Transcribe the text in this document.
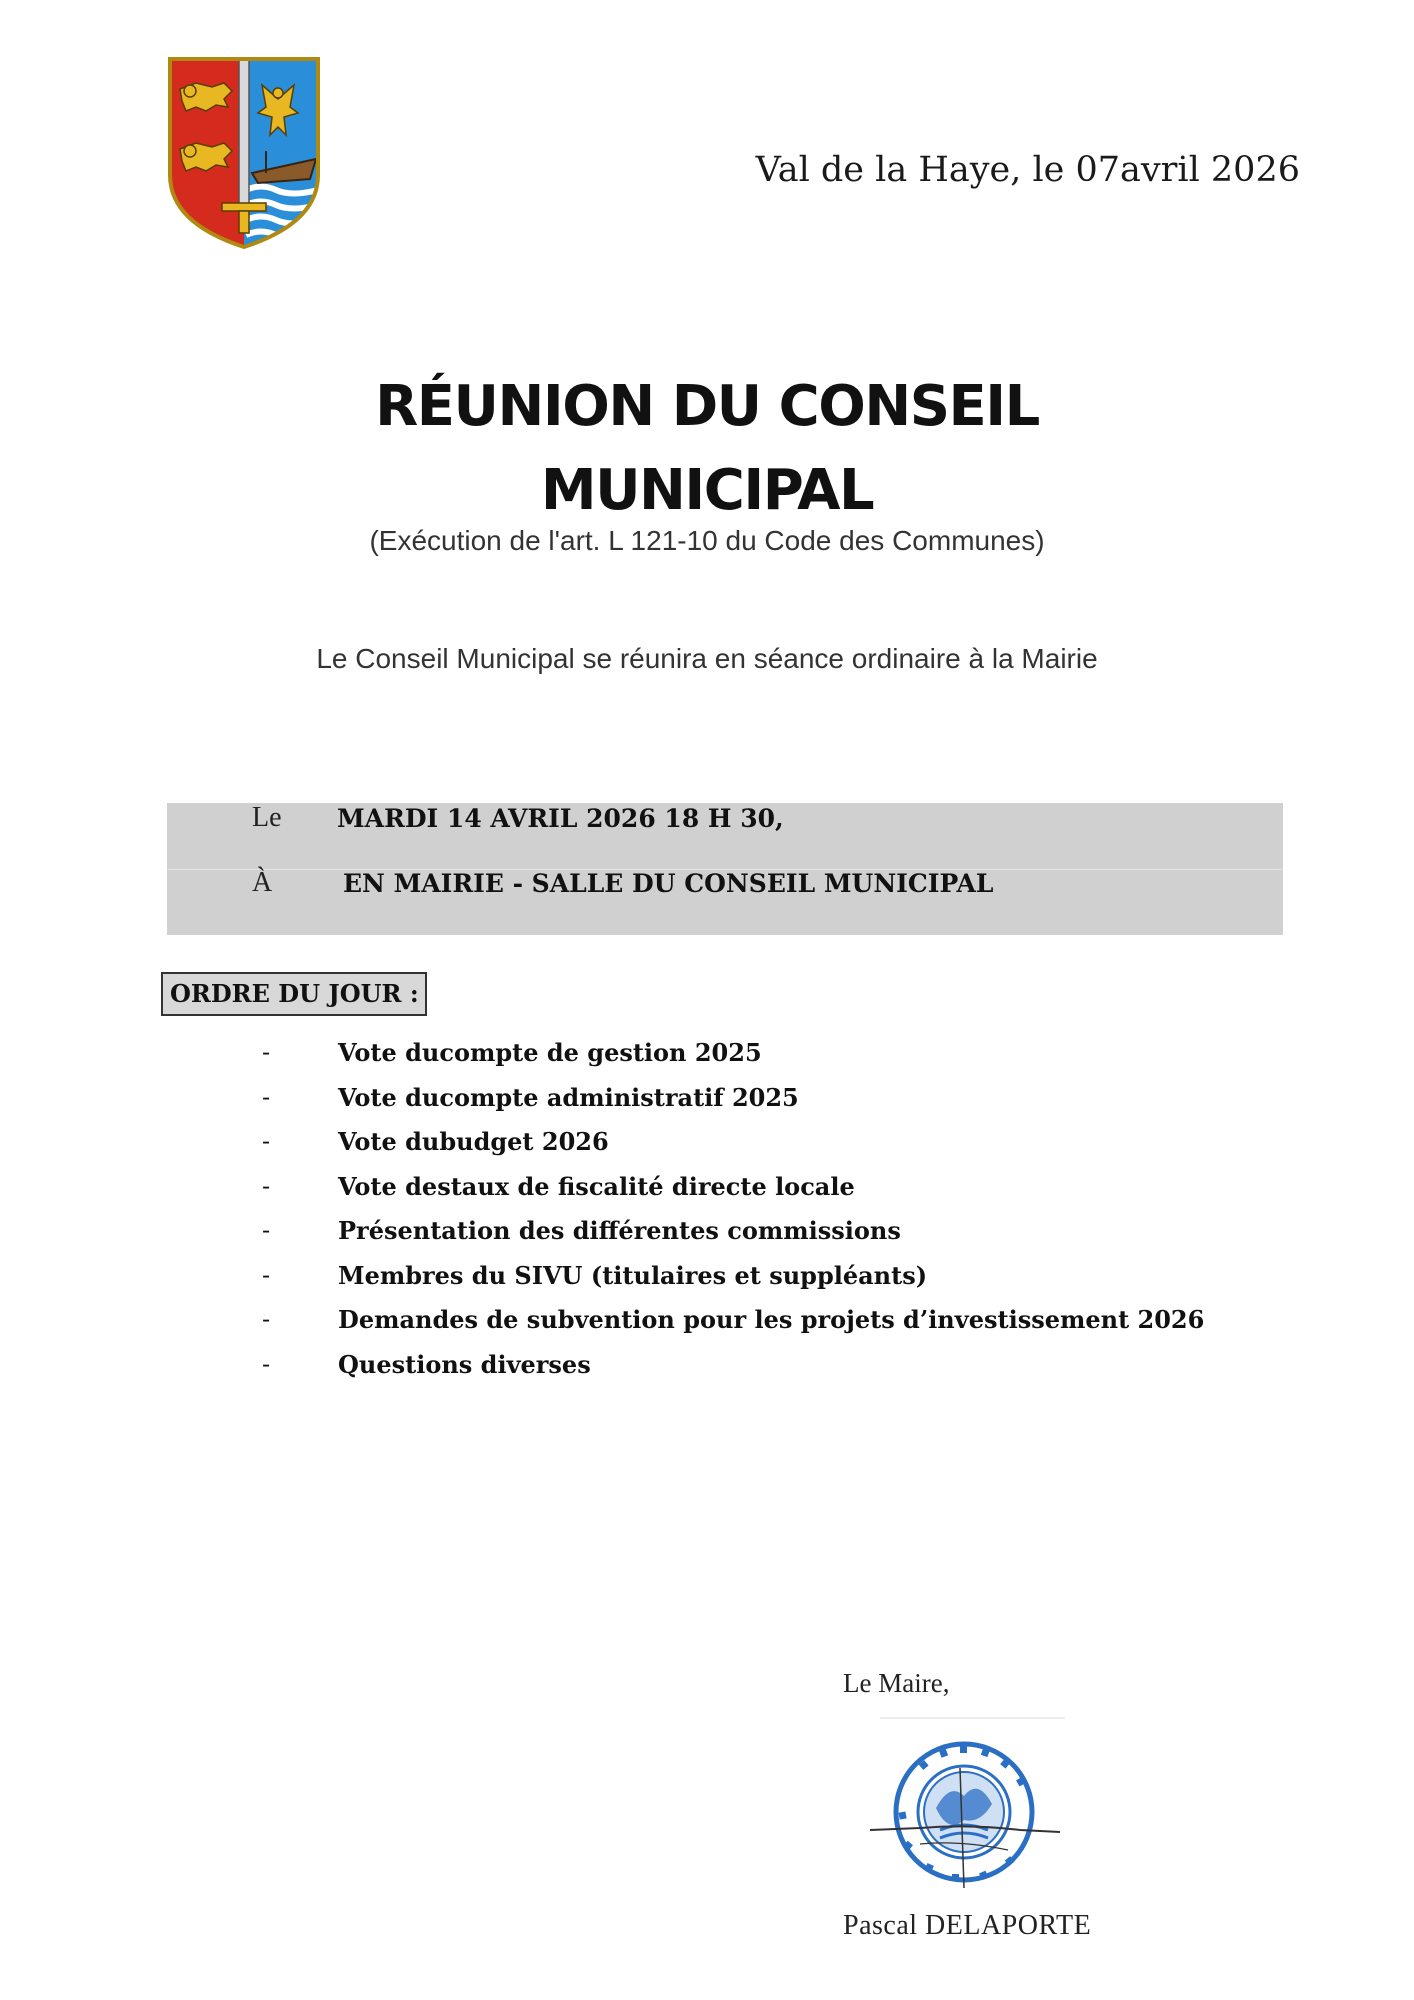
Val de la Haye, le 07avril 2026
RÉUNION DU CONSEIL
MUNICIPAL
(Exécution de l'art. L 121-10 du Code des Communes)
Le Conseil Municipal se réunira en séance ordinaire à la Mairie
Le MARDI 14 AVRIL 2026 18 H 30,
À	EN MAIRIE - SALLE DU CONSEIL MUNICIPAL
ORDRE DU JOUR :
-	Vote ducompte de gestion 2025
-	Vote ducompte administratif 2025
-	Vote dubudget 2026
-	Vote destaux de fiscalité directe locale
-	Présentation des différentes commissions
-	Membres du SIVU (titulaires et suppléants)
-	Demandes de subvention pour les projets d’investissement 2026
-	Questions diverses
Le Maire,
Pascal DELAPORTE
